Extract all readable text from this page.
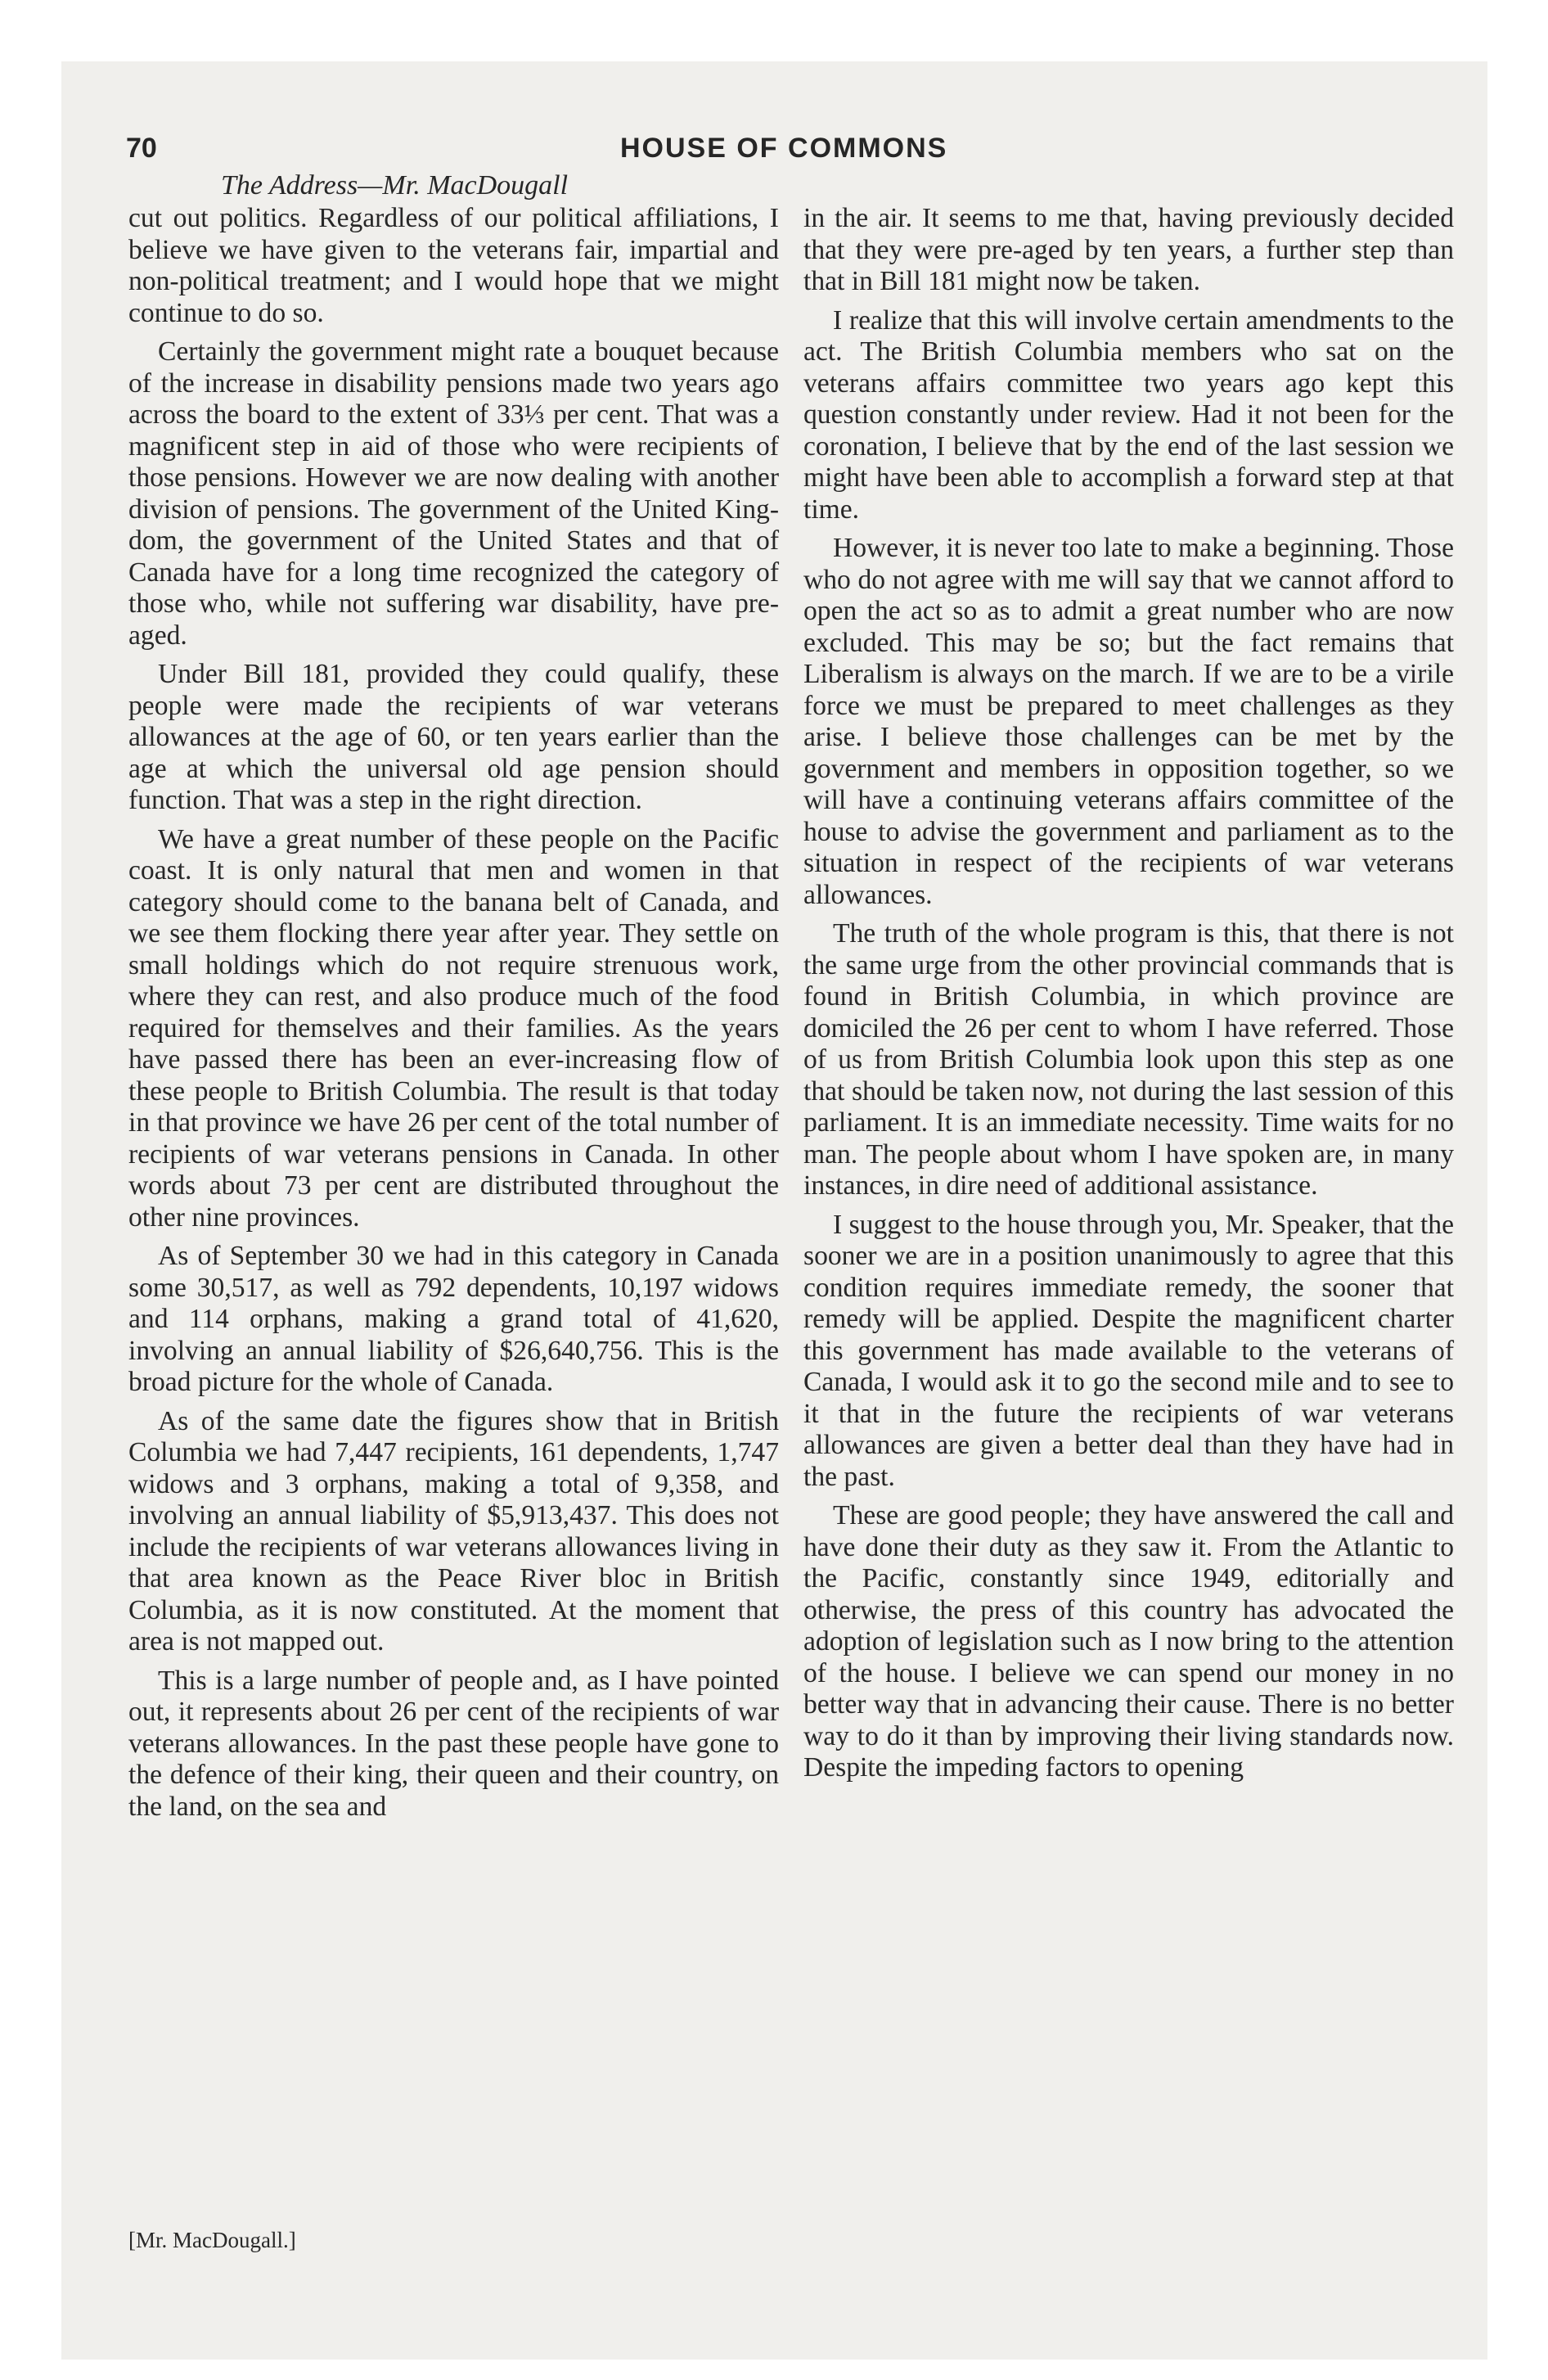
70	HOUSE OF COMMONS
The Address—Mr. MacDougall

cut out politics. Regardless of our political affiliations, I believe we have given to the veterans fair, impartial and non-political treatment; and I would hope that we might continue to do so.

Certainly the government might rate a bouquet because of the increase in disability pensions made two years ago across the board to the extent of 33⅓ per cent. That was a magnificent step in aid of those who were recipients of those pensions. However we are now dealing with another division of pensions. The government of the United Kingdom, the government of the United States and that of Canada have for a long time recognized the category of those who, while not suffering war disability, have pre-aged.

Under Bill 181, provided they could qualify, these people were made the recipients of war veterans allowances at the age of 60, or ten years earlier than the age at which the universal old age pension should function. That was a step in the right direction.

We have a great number of these people on the Pacific coast. It is only natural that men and women in that category should come to the banana belt of Canada, and we see them flocking there year after year. They settle on small holdings which do not require strenuous work, where they can rest, and also produce much of the food required for themselves and their families. As the years have passed there has been an ever-increasing flow of these people to British Columbia. The result is that today in that province we have 26 per cent of the total number of recipients of war veterans pensions in Canada. In other words about 73 per cent are distributed throughout the other nine provinces.

As of September 30 we had in this category in Canada some 30,517, as well as 792 dependents, 10,197 widows and 114 orphans, making a grand total of 41,620, involving an annual liability of $26,640,756. This is the broad picture for the whole of Canada.

As of the same date the figures show that in British Columbia we had 7,447 recipients, 161 dependents, 1,747 widows and 3 orphans, making a total of 9,358, and involving an annual liability of $5,913,437. This does not include the recipients of war veterans allowances living in that area known as the Peace River bloc in British Columbia, as it is now constituted. At the moment that area is not mapped out.

This is a large number of people and, as I have pointed out, it represents about 26 per cent of the recipients of war veterans allowances. In the past these people have gone to the defence of their king, their queen and their country, on the land, on the sea and

in the air. It seems to me that, having previously decided that they were pre-aged by ten years, a further step than that in Bill 181 might now be taken.

I realize that this will involve certain amendments to the act. The British Columbia members who sat on the veterans affairs committee two years ago kept this question constantly under review. Had it not been for the coronation, I believe that by the end of the last session we might have been able to accomplish a forward step at that time.

However, it is never too late to make a beginning. Those who do not agree with me will say that we cannot afford to open the act so as to admit a great number who are now excluded. This may be so; but the fact remains that Liberalism is always on the march. If we are to be a virile force we must be prepared to meet challenges as they arise. I believe those challenges can be met by the government and members in opposition together, so we will have a continuing veterans affairs committee of the house to advise the government and parliament as to the situation in respect of the recipients of war veterans allowances.

The truth of the whole program is this, that there is not the same urge from the other provincial commands that is found in British Columbia, in which province are domiciled the 26 per cent to whom I have referred. Those of us from British Columbia look upon this step as one that should be taken now, not during the last session of this parliament. It is an immediate necessity. Time waits for no man. The people about whom I have spoken are, in many instances, in dire need of additional assistance.

I suggest to the house through you, Mr. Speaker, that the sooner we are in a position unanimously to agree that this condition requires immediate remedy, the sooner that remedy will be applied. Despite the magnificent charter this government has made available to the veterans of Canada, I would ask it to go the second mile and to see to it that in the future the recipients of war veterans allowances are given a better deal than they have had in the past.

These are good people; they have answered the call and have done their duty as they saw it. From the Atlantic to the Pacific, constantly since 1949, editorially and otherwise, the press of this country has advocated the adoption of legislation such as I now bring to the attention of the house. I believe we can spend our money in no better way that in advancing their cause. There is no better way to do it than by improving their living standards now. Despite the impeding factors to opening

[Mr. MacDougall.]
